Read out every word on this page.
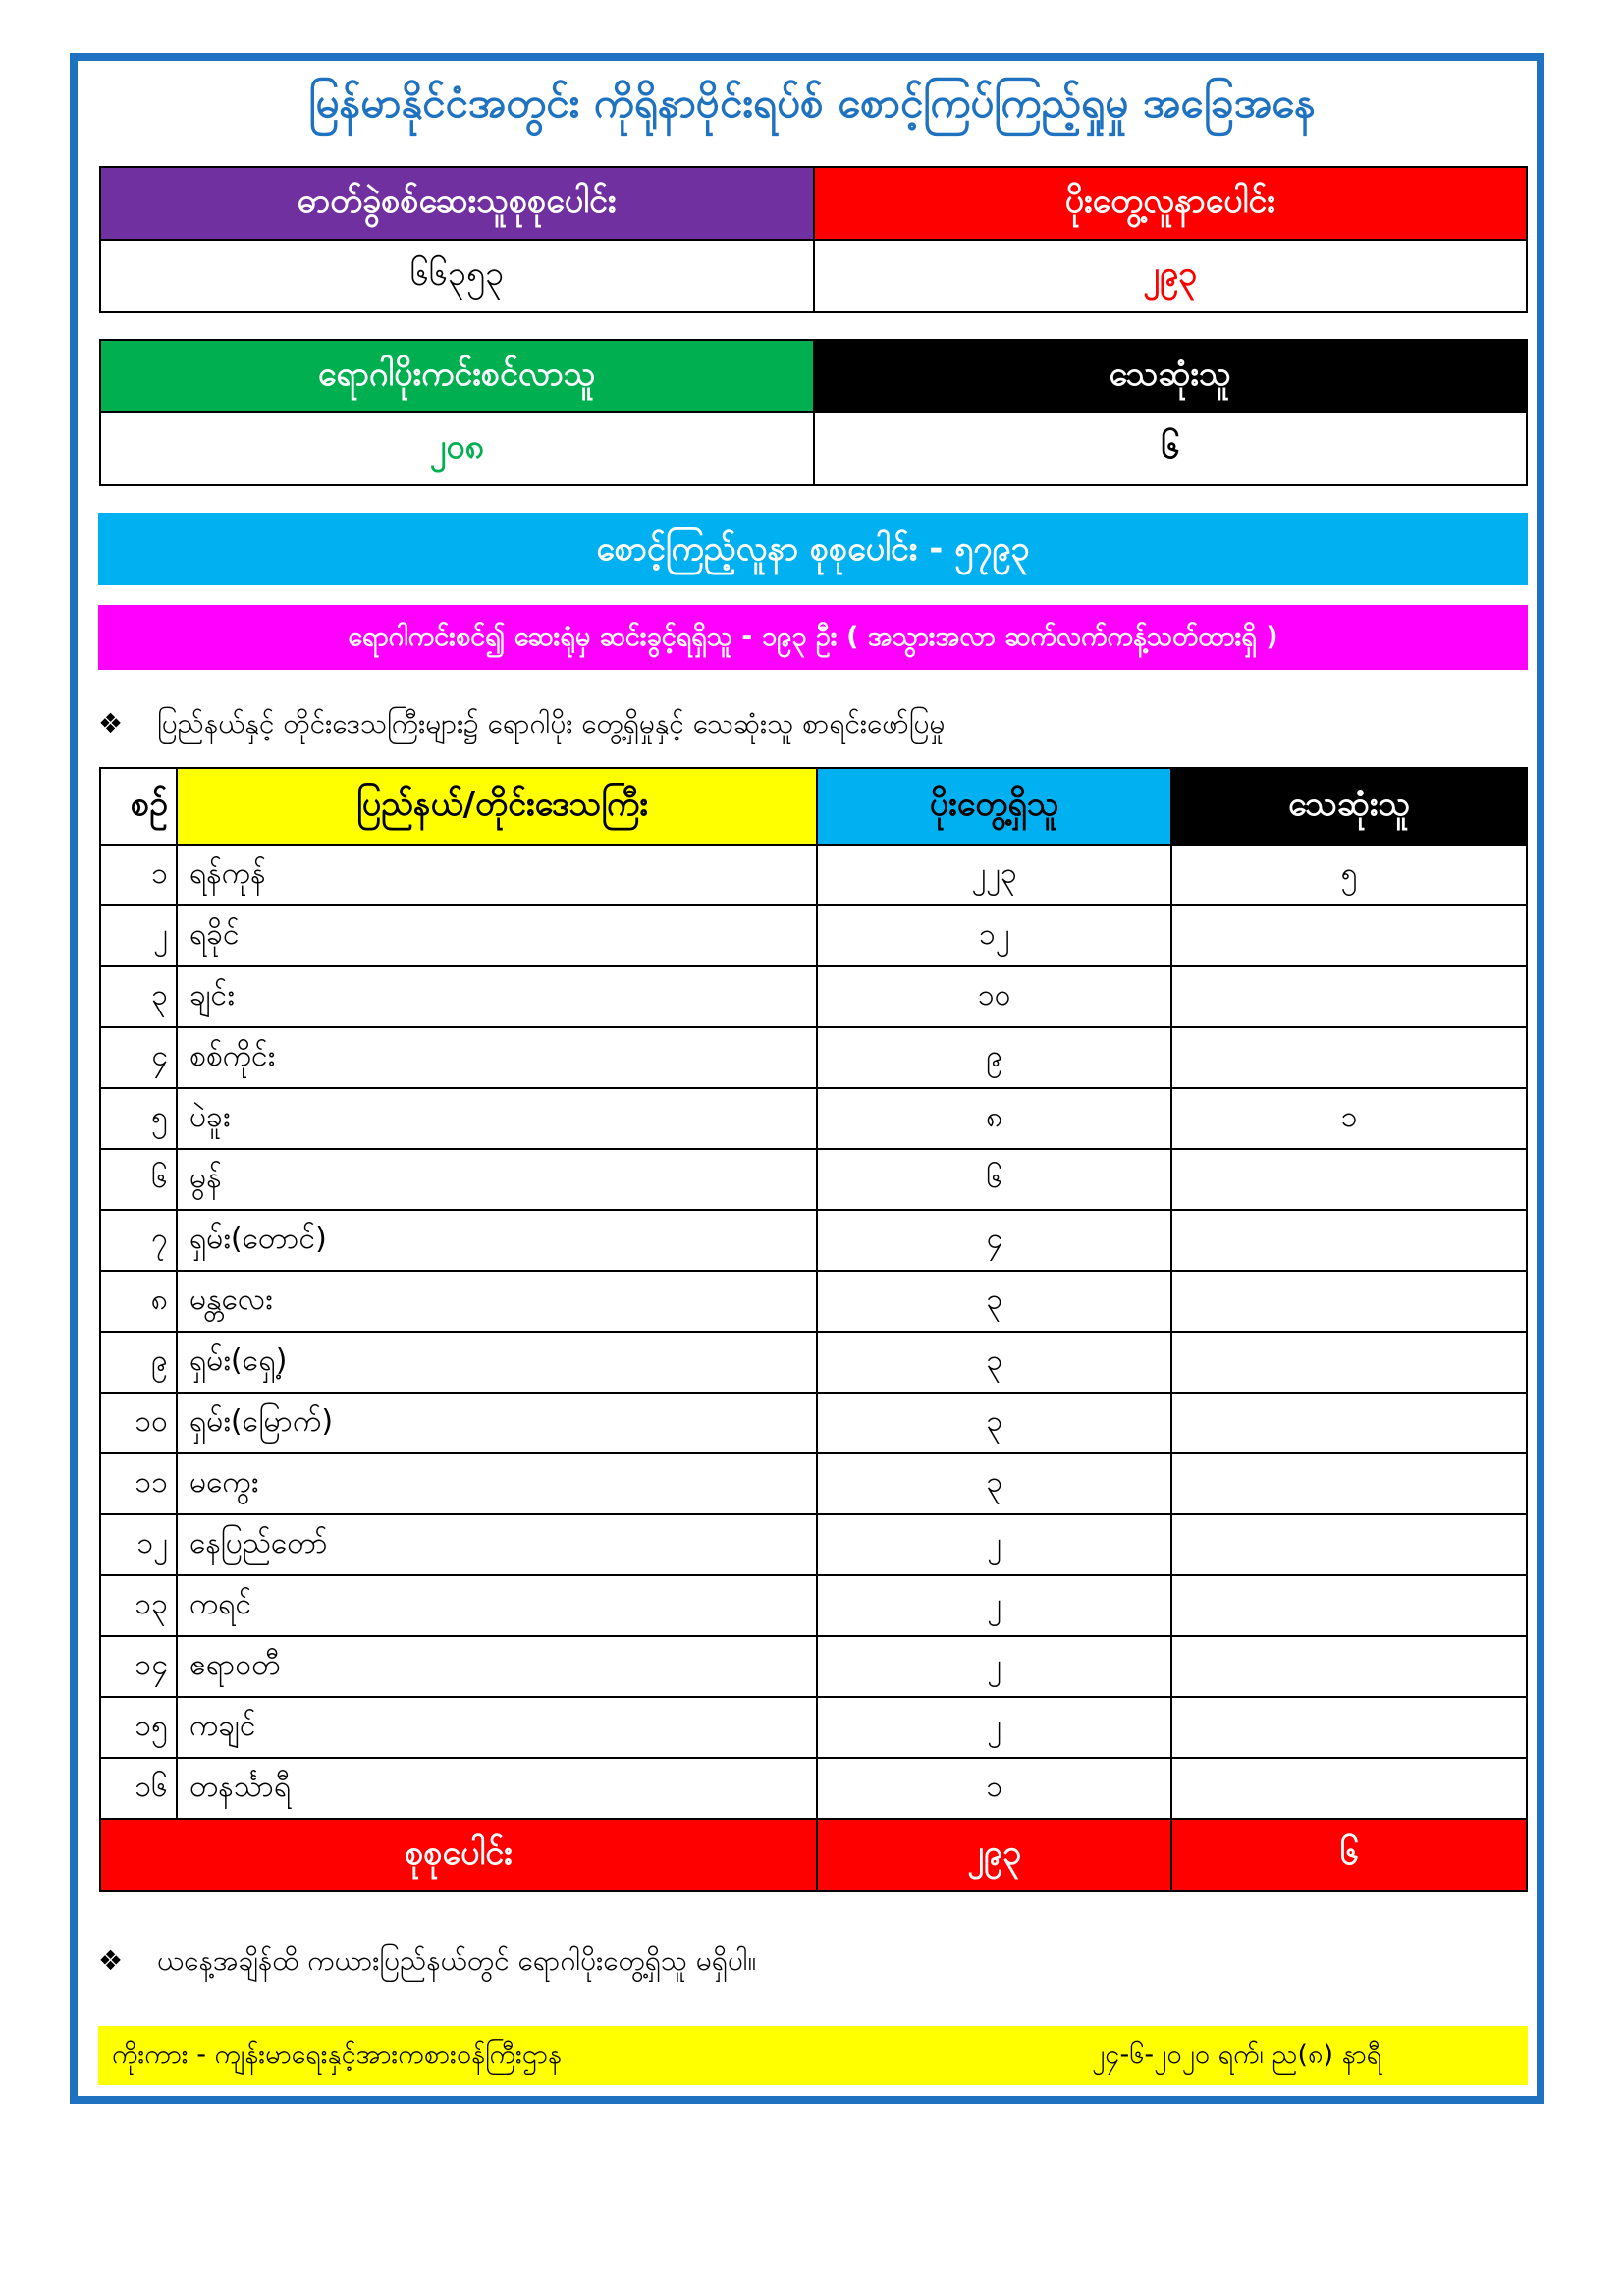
မြန်မာနိုင်ငံအတွင်း ကိုရိုနာဗိုင်းရပ်စ် စောင့်ကြပ်ကြည့်ရှုမှု အခြေအနေ
ဓာတ်ခွဲစစ်ဆေးသူစုစုပေါင်း	ပိုးတွေ့လူနာပေါင်း
၆၆၃၅၃	၂၉၃
ရောဂါပိုးကင်းစင်လာသူ	သေဆုံးသူ
၂၀၈	၆
စောင့်ကြည့်လူနာ စုစုပေါင်း - ၅၇၉၃
ရောဂါကင်းစင်၍ ဆေးရုံမှ ဆင်းခွင့်ရရှိသူ - ၁၉၃ ဦး ( အသွားအလာ ဆက်လက်ကန့်သတ်ထားရှိ )
❖ ပြည်နယ်နှင့် တိုင်းဒေသကြီးများ၌ ရောဂါပိုး တွေ့ရှိမှုနှင့် သေဆုံးသူ စာရင်းဖော်ပြမှု
စဉ်	ပြည်နယ်/တိုင်းဒေသကြီး	ပိုးတွေ့ရှိသူ	သေဆုံးသူ
၁	ရန်ကုန်	၂၂၃	၅
၂	ရခိုင်	၁၂	
၃	ချင်း	၁၀	
၄	စစ်ကိုင်း	၉	
၅	ပဲခူး	၈	၁
၆	မွန်	၆	
၇	ရှမ်း(တောင်)	၄	
၈	မန္တလေး	၃	
၉	ရှမ်း(ရှေ့)	၃	
၁၀	ရှမ်း(မြောက်)	၃	
၁၁	မကွေး	၃	
၁၂	နေပြည်တော်	၂	
၁၃	ကရင်	၂	
၁၄	ဧရာဝတီ	၂	
၁၅	ကချင်	၂	
၁၆	တနင်္သာရီ	၁	
စုစုပေါင်း		၂၉၃	၆
❖ ယနေ့အချိန်ထိ ကယားပြည်နယ်တွင် ရောဂါပိုးတွေ့ရှိသူ မရှိပါ။
ကိုးကား - ကျန်းမာရေးနှင့်အားကစားဝန်ကြီးဌာန	၂၄-၆-၂၀၂၀ ရက်၊ ည(၈) နာရီ
